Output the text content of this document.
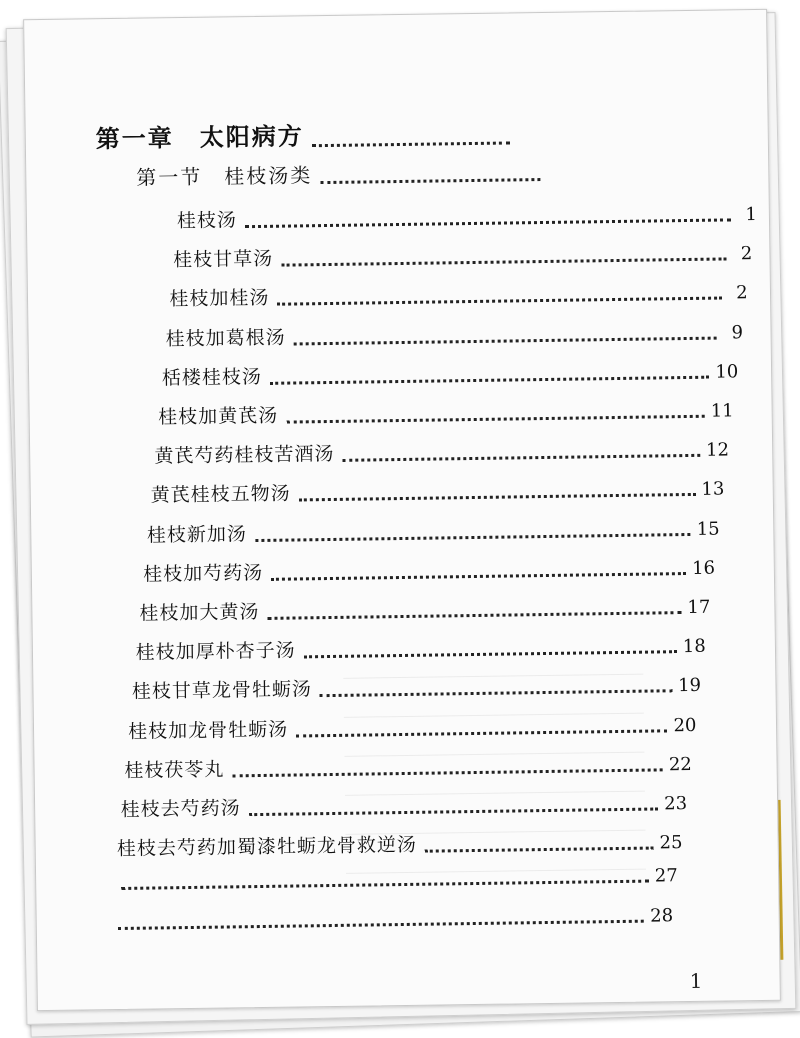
第一章　太阳病方
第一节　桂枝汤类
桂枝汤	1
桂枝甘草汤	2
桂枝加桂汤	2
桂枝加葛根汤	9
栝楼桂枝汤	10
桂枝加黄芪汤	11
黄芪芍药桂枝苦酒汤	12
黄芪桂枝五物汤	13
桂枝新加汤	15
桂枝加芍药汤	16
桂枝加大黄汤	17
桂枝加厚朴杏子汤	18
桂枝甘草龙骨牡蛎汤	19
桂枝加龙骨牡蛎汤	20
桂枝茯苓丸	22
桂枝去芍药汤	23
桂枝去芍药加蜀漆牡蛎龙骨救逆汤	25
27
28
1
